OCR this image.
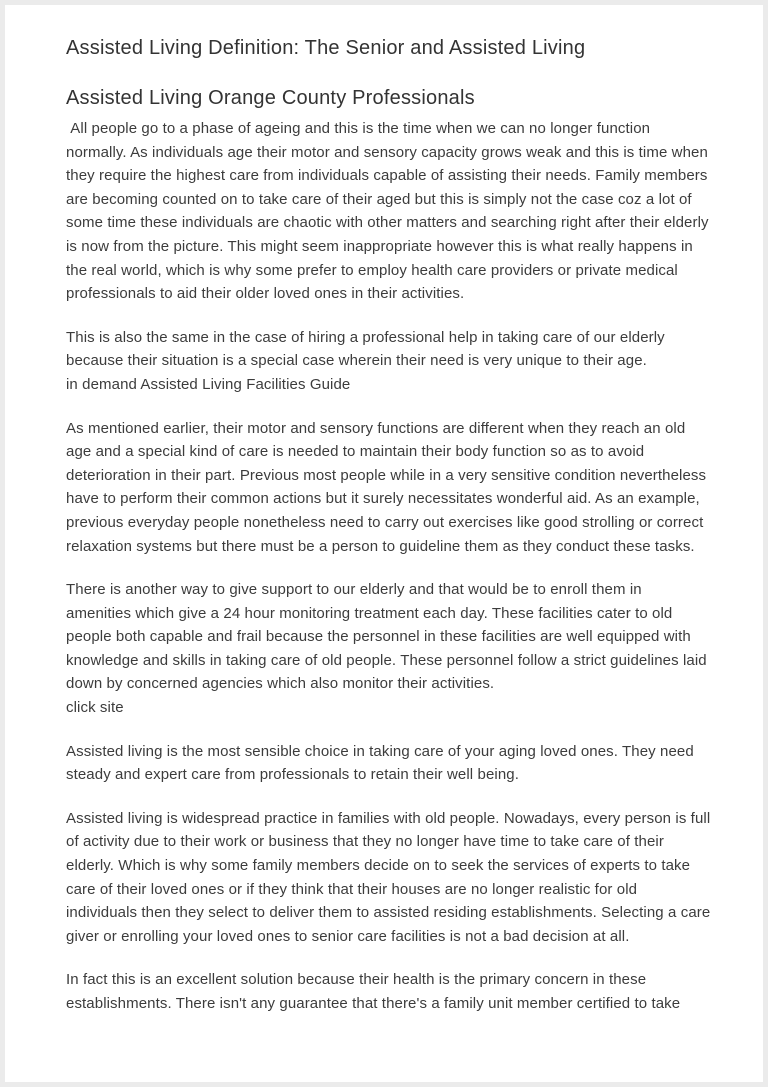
Assisted Living Definition: The Senior and Assisted Living
Assisted Living Orange County Professionals

All people go to a phase of ageing and this is the time when we can no longer function normally. As individuals age their motor and sensory capacity grows weak and this is time when they require the highest care from individuals capable of assisting their needs. Family members are becoming counted on to take care of their aged but this is simply not the case coz a lot of some time these individuals are chaotic with other matters and searching right after their elderly is now from the picture. This might seem inappropriate however this is what really happens in the real world, which is why some prefer to employ health care providers or private medical professionals to aid their older loved ones in their activities.

This is also the same in the case of hiring a professional help in taking care of our elderly because their situation is a special case wherein their need is very unique to their age.

in demand Assisted Living Facilities Guide

As mentioned earlier, their motor and sensory functions are different when they reach an old age and a special kind of care is needed to maintain their body function so as to avoid deterioration in their part. Previous most people while in a very sensitive condition nevertheless have to perform their common actions but it surely necessitates wonderful aid. As an example, previous everyday people nonetheless need to carry out exercises like good strolling or correct relaxation systems but there must be a person to guideline them as they conduct these tasks.

There is another way to give support to our elderly and that would be to enroll them in amenities which give a 24 hour monitoring treatment each day. These facilities cater to old people both capable and frail because the personnel in these facilities are well equipped with knowledge and skills in taking care of old people. These personnel follow a strict guidelines laid down by concerned agencies which also monitor their activities.

click site

Assisted living is the most sensible choice in taking care of your aging loved ones. They need steady and expert care from professionals to retain their well being.

Assisted living is widespread practice in families with old people. Nowadays, every person is full of activity due to their work or business that they no longer have time to take care of their elderly. Which is why some family members decide on to seek the services of experts to take care of their loved ones or if they think that their houses are no longer realistic for old individuals then they select to deliver them to assisted residing establishments. Selecting a care giver or enrolling your loved ones to senior care facilities is not a bad decision at all.

In fact this is an excellent solution because their health is the primary concern in these establishments. There isn't any guarantee that there's a family unit member certified to take
